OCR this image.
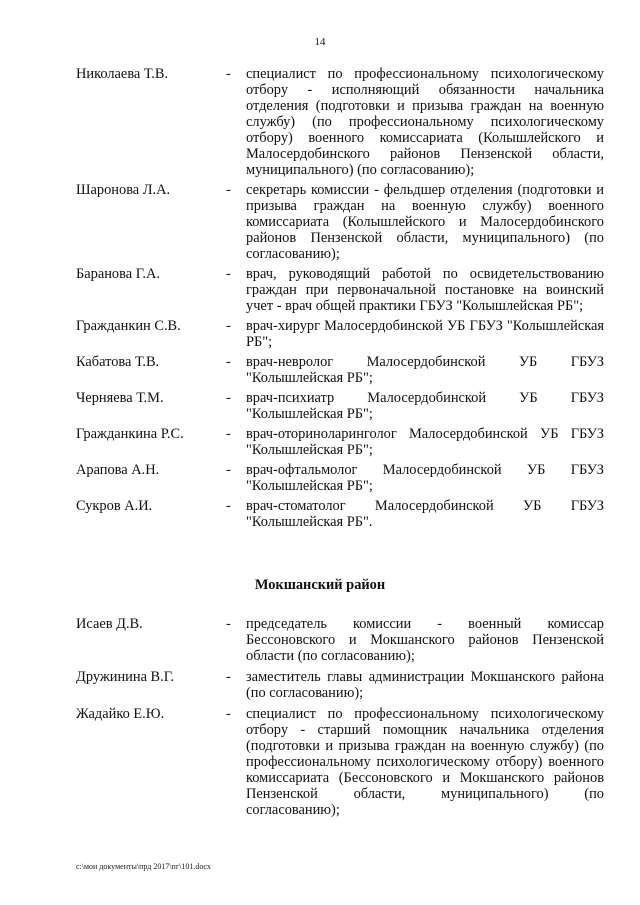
14
Николаева Т.В.	-	специалист по профессиональному психологическому отбору - исполняющий обязанности начальника отделения (подготовки и призыва граждан на военную службу) (по профессиональному психологическому отбору) военного комиссариата (Колышлейского и Малосердобинского районов Пензенской области, муниципального) (по согласованию);
Шаронова Л.А.	-	секретарь комиссии - фельдшер отделения (подготовки и призыва граждан на военную службу) военного комиссариата (Колышлейского и Малосердобинского районов Пензенской области, муниципального) (по согласованию);
Баранова Г.А.	-	врач, руководящий работой по освидетельствованию граждан при первоначальной постановке на воинский учет - врач общей практики ГБУЗ "Колышлейская РБ";
Гражданкин С.В.	-	врач-хирург Малосердобинской УБ ГБУЗ "Колышлейская РБ";
Кабатова Т.В.	-	врач-невролог Малосердобинской УБ ГБУЗ "Колышлейская РБ";
Черняева Т.М.	-	врач-психиатр Малосердобинской УБ ГБУЗ "Колышлейская РБ";
Гражданкина Р.С.	-	врач-оториноларинголог Малосердобинской УБ ГБУЗ "Колышлейская РБ";
Арапова А.Н.	-	врач-офтальмолог Малосердобинской УБ ГБУЗ "Колышлейская РБ";
Сукров А.И.	-	врач-стоматолог Малосердобинской УБ ГБУЗ "Колышлейская РБ".
Мокшанский район
Исаев Д.В.	-	председатель комиссии - военный комиссар Бессоновского и Мокшанского районов Пензенской области (по согласованию);
Дружинина В.Г.	-	заместитель главы администрации Мокшанского района (по согласованию);
Жадайко Е.Ю.	-	специалист по профессиональному психологическому отбору - старший помощник начальника отделения (подготовки и призыва граждан на военную службу) (по профессиональному психологическому отбору) военного комиссариата (Бессоновского и Мокшанского районов Пензенской области, муниципального) (по согласованию);
c:\мои документы\прд 2017\пг\101.docx
